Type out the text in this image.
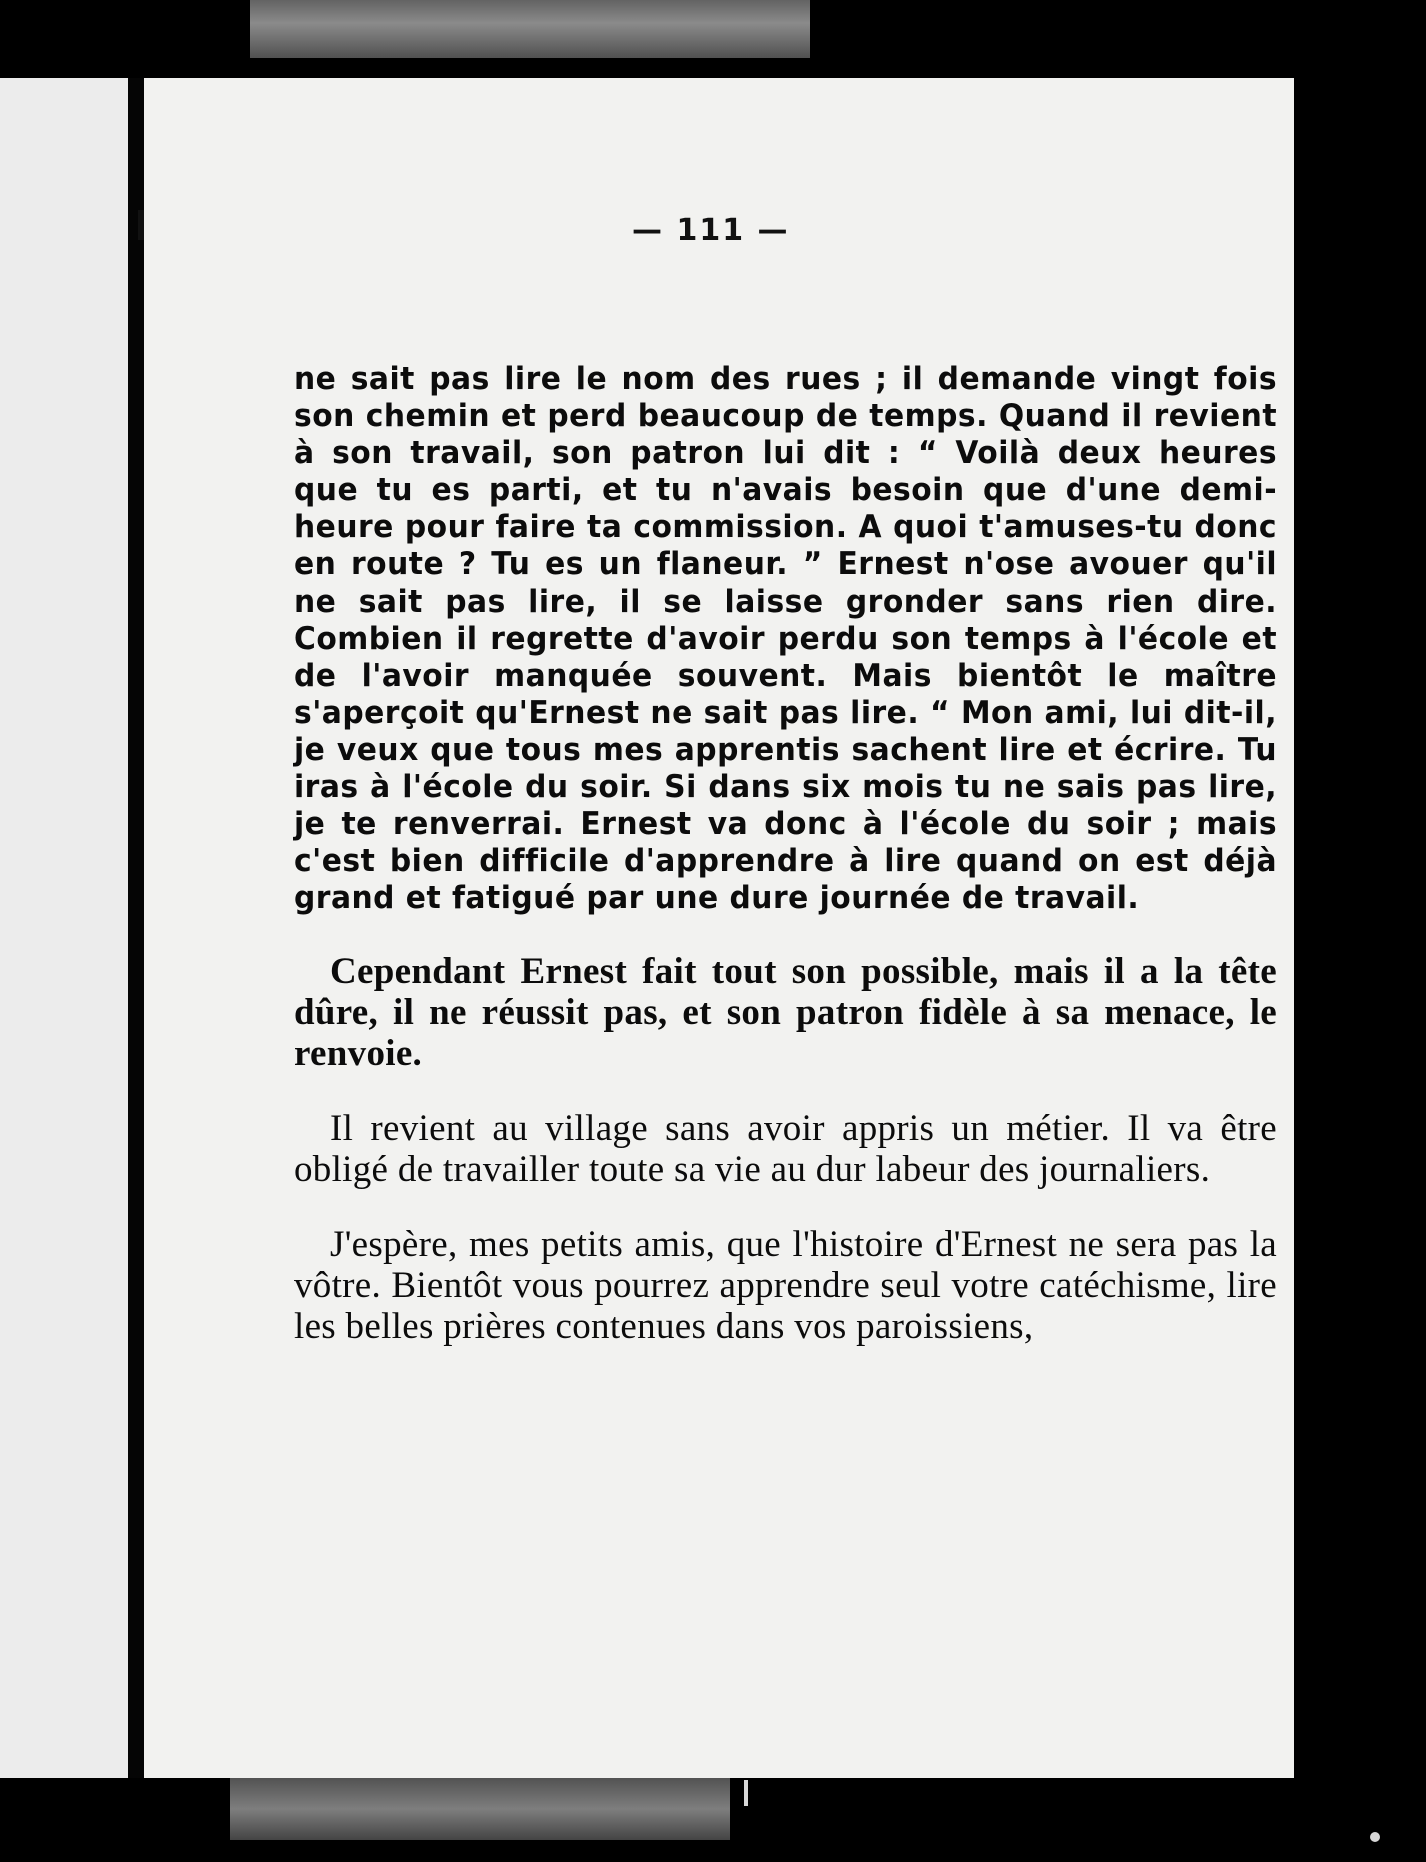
— 111 —

ne sait pas lire le nom des rues ; il demande vingt fois son chemin et perd beaucoup de temps. Quand il revient à son travail, son patron lui dit : “ Voilà deux heures que tu es parti, et tu n'avais besoin que d'une demi-heure pour faire ta commission. A quoi t'amuses-tu donc en route ? Tu es un flaneur. ” Ernest n'ose avouer qu'il ne sait pas lire, il se laisse gronder sans rien dire. Combien il regrette d'avoir perdu son temps à l'école et de l'avoir manquée souvent. Mais bientôt le maître s'aperçoit qu'Ernest ne sait pas lire. “ Mon ami, lui dit-il, je veux que tous mes apprentis sachent lire et écrire. Tu iras à l'école du soir. Si dans six mois tu ne sais pas lire, je te renverrai. Ernest va donc à l'école du soir ; mais c'est bien difficile d'apprendre à lire quand on est déjà grand et fatigué par une dure journée de travail.

Cependant Ernest fait tout son possible, mais il a la tête dûre, il ne réussit pas, et son patron fidèle à sa menace, le renvoie.

Il revient au village sans avoir appris un métier. Il va être obligé de travailler toute sa vie au dur labeur des journaliers.

J'espère, mes petits amis, que l'histoire d'Ernest ne sera pas la vôtre. Bientôt vous pourrez apprendre seul votre catéchisme, lire les belles prières contenues dans vos paroissiens,
